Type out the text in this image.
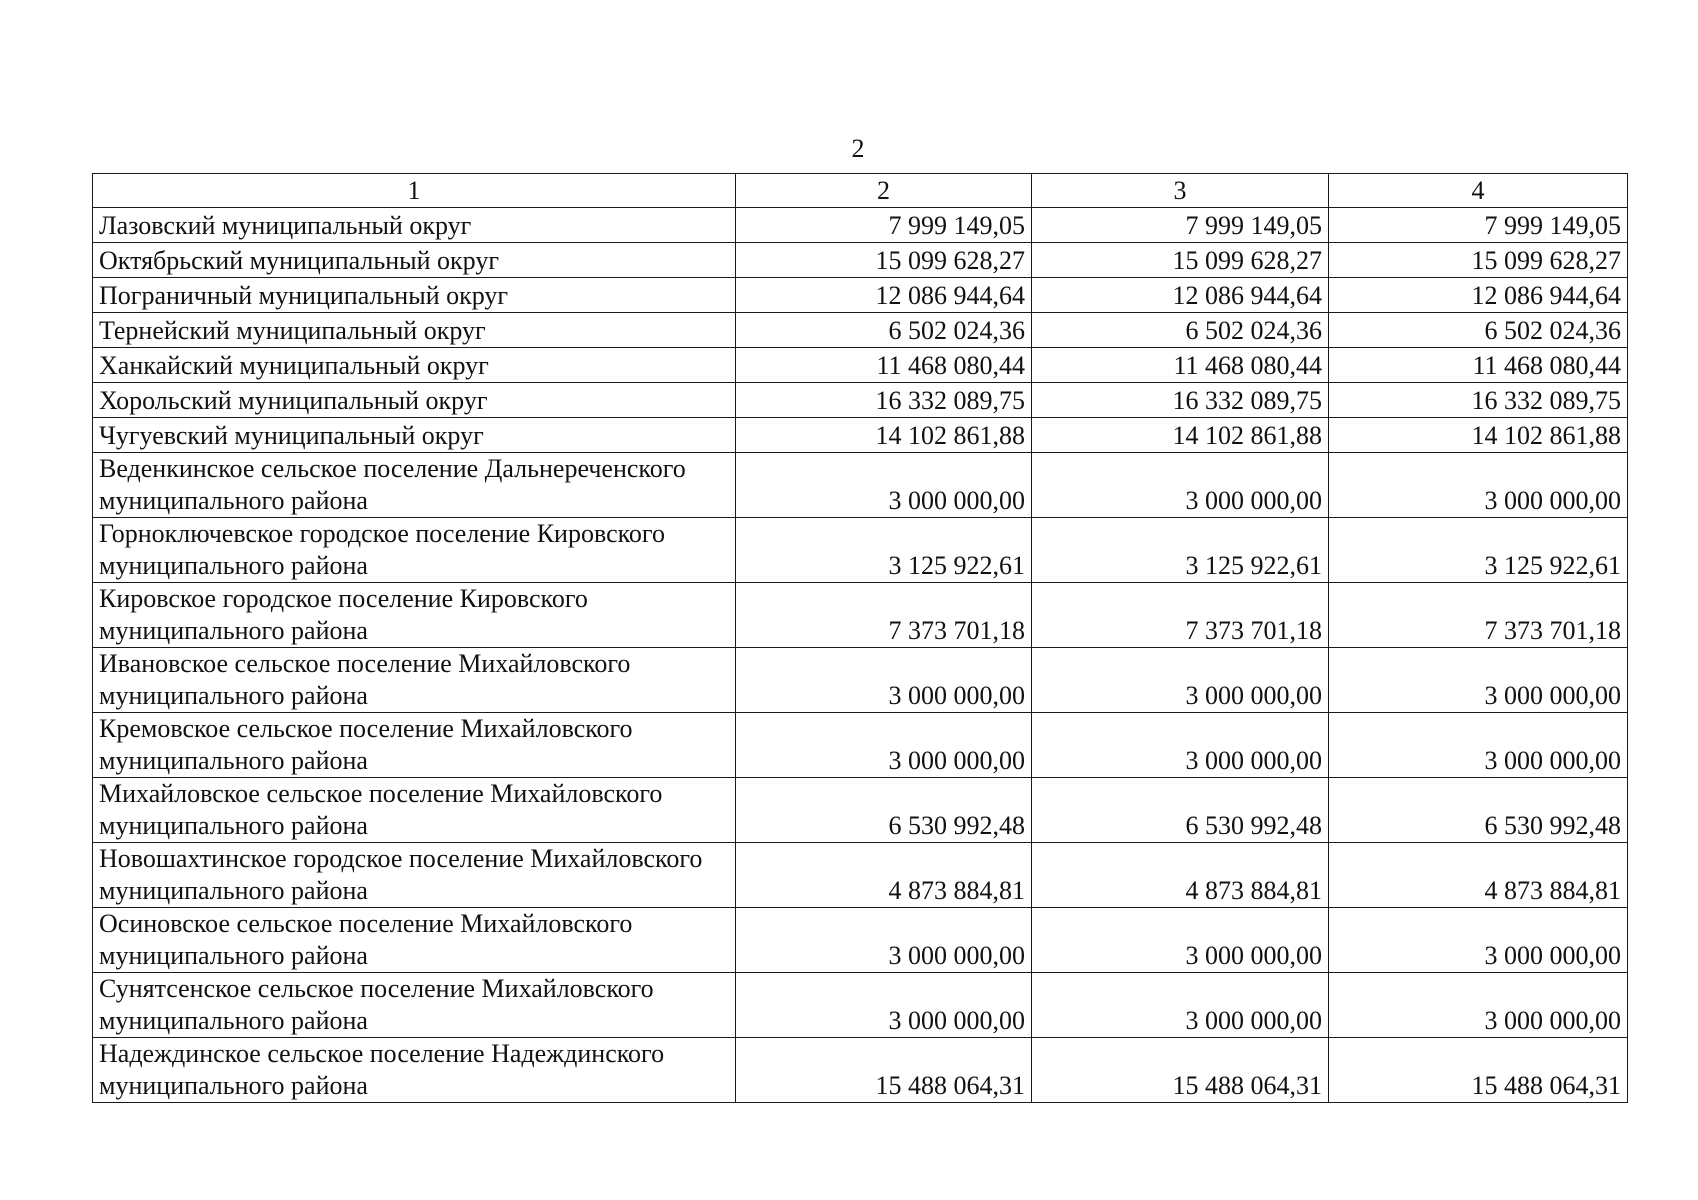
2
1	2	3	4
Лазовский муниципальный округ	7 999 149,05	7 999 149,05	7 999 149,05
Октябрьский муниципальный округ	15 099 628,27	15 099 628,27	15 099 628,27
Пограничный муниципальный округ	12 086 944,64	12 086 944,64	12 086 944,64
Тернейский муниципальный округ	6 502 024,36	6 502 024,36	6 502 024,36
Ханкайский муниципальный округ	11 468 080,44	11 468 080,44	11 468 080,44
Хорольский муниципальный округ	16 332 089,75	16 332 089,75	16 332 089,75
Чугуевский муниципальный округ	14 102 861,88	14 102 861,88	14 102 861,88
Веденкинское сельское поселение Дальнереченского муниципального района	3 000 000,00	3 000 000,00	3 000 000,00
Горноключевское городское поселение Кировского муниципального района	3 125 922,61	3 125 922,61	3 125 922,61
Кировское городское поселение Кировского муниципального района	7 373 701,18	7 373 701,18	7 373 701,18
Ивановское сельское поселение Михайловского муниципального района	3 000 000,00	3 000 000,00	3 000 000,00
Кремовское сельское поселение Михайловского муниципального района	3 000 000,00	3 000 000,00	3 000 000,00
Михайловское сельское поселение Михайловского муниципального района	6 530 992,48	6 530 992,48	6 530 992,48
Новошахтинское городское поселение Михайловского муниципального района	4 873 884,81	4 873 884,81	4 873 884,81
Осиновское сельское поселение Михайловского муниципального района	3 000 000,00	3 000 000,00	3 000 000,00
Сунятсенское сельское поселение Михайловского муниципального района	3 000 000,00	3 000 000,00	3 000 000,00
Надеждинское сельское поселение Надеждинского муниципального района	15 488 064,31	15 488 064,31	15 488 064,31
